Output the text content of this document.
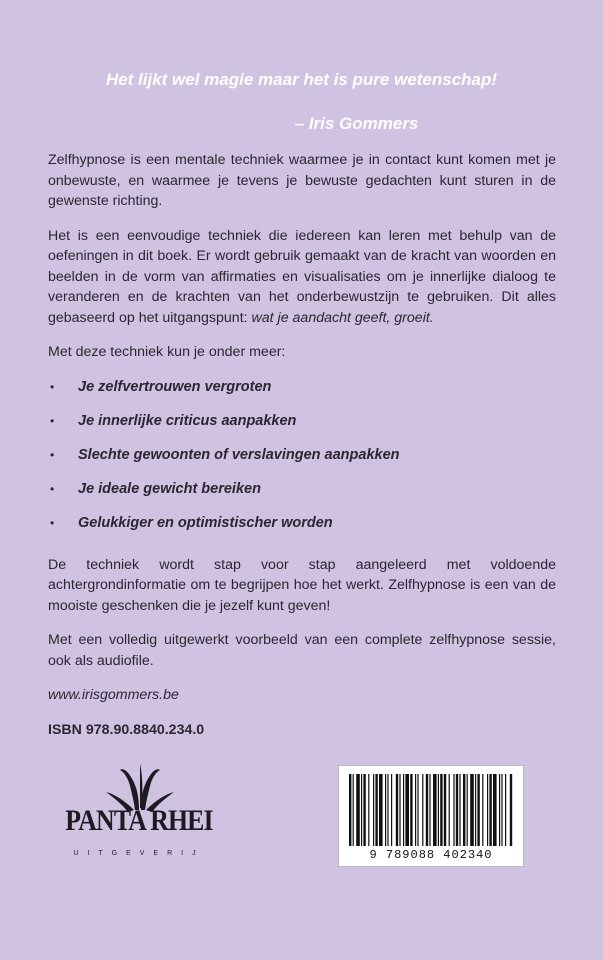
Het lijkt wel magie maar het is pure wetenschap!
– Iris Gommers

Zelfhypnose is een mentale techniek waarmee je in contact kunt komen met je onbewuste, en waarmee je tevens je bewuste gedachten kunt sturen in de gewenste richting.

Het is een eenvoudige techniek die iedereen kan leren met behulp van de oefeningen in dit boek. Er wordt gebruik gemaakt van de kracht van woorden en beelden in de vorm van affirmaties en visualisaties om je innerlijke dialoog te veranderen en de krachten van het onderbewustzijn te gebruiken. Dit alles gebaseerd op het uitgangspunt: wat je aandacht geeft, groeit.

Met deze techniek kun je onder meer:

• Je zelfvertrouwen vergroten
• Je innerlijke criticus aanpakken
• Slechte gewoonten of verslavingen aanpakken
• Je ideale gewicht bereiken
• Gelukkiger en optimistischer worden

De techniek wordt stap voor stap aangeleerd met voldoende achtergrondinformatie om te begrijpen hoe het werkt. Zelfhypnose is een van de mooiste geschenken die je jezelf kunt geven!

Met een volledig uitgewerkt voorbeeld van een complete zelfhypnose sessie, ook als audiofile.

www.irisgommers.be

ISBN 978.90.8840.234.0

PANTA RHEI
UITGEVERIJ	9 789088 402340
